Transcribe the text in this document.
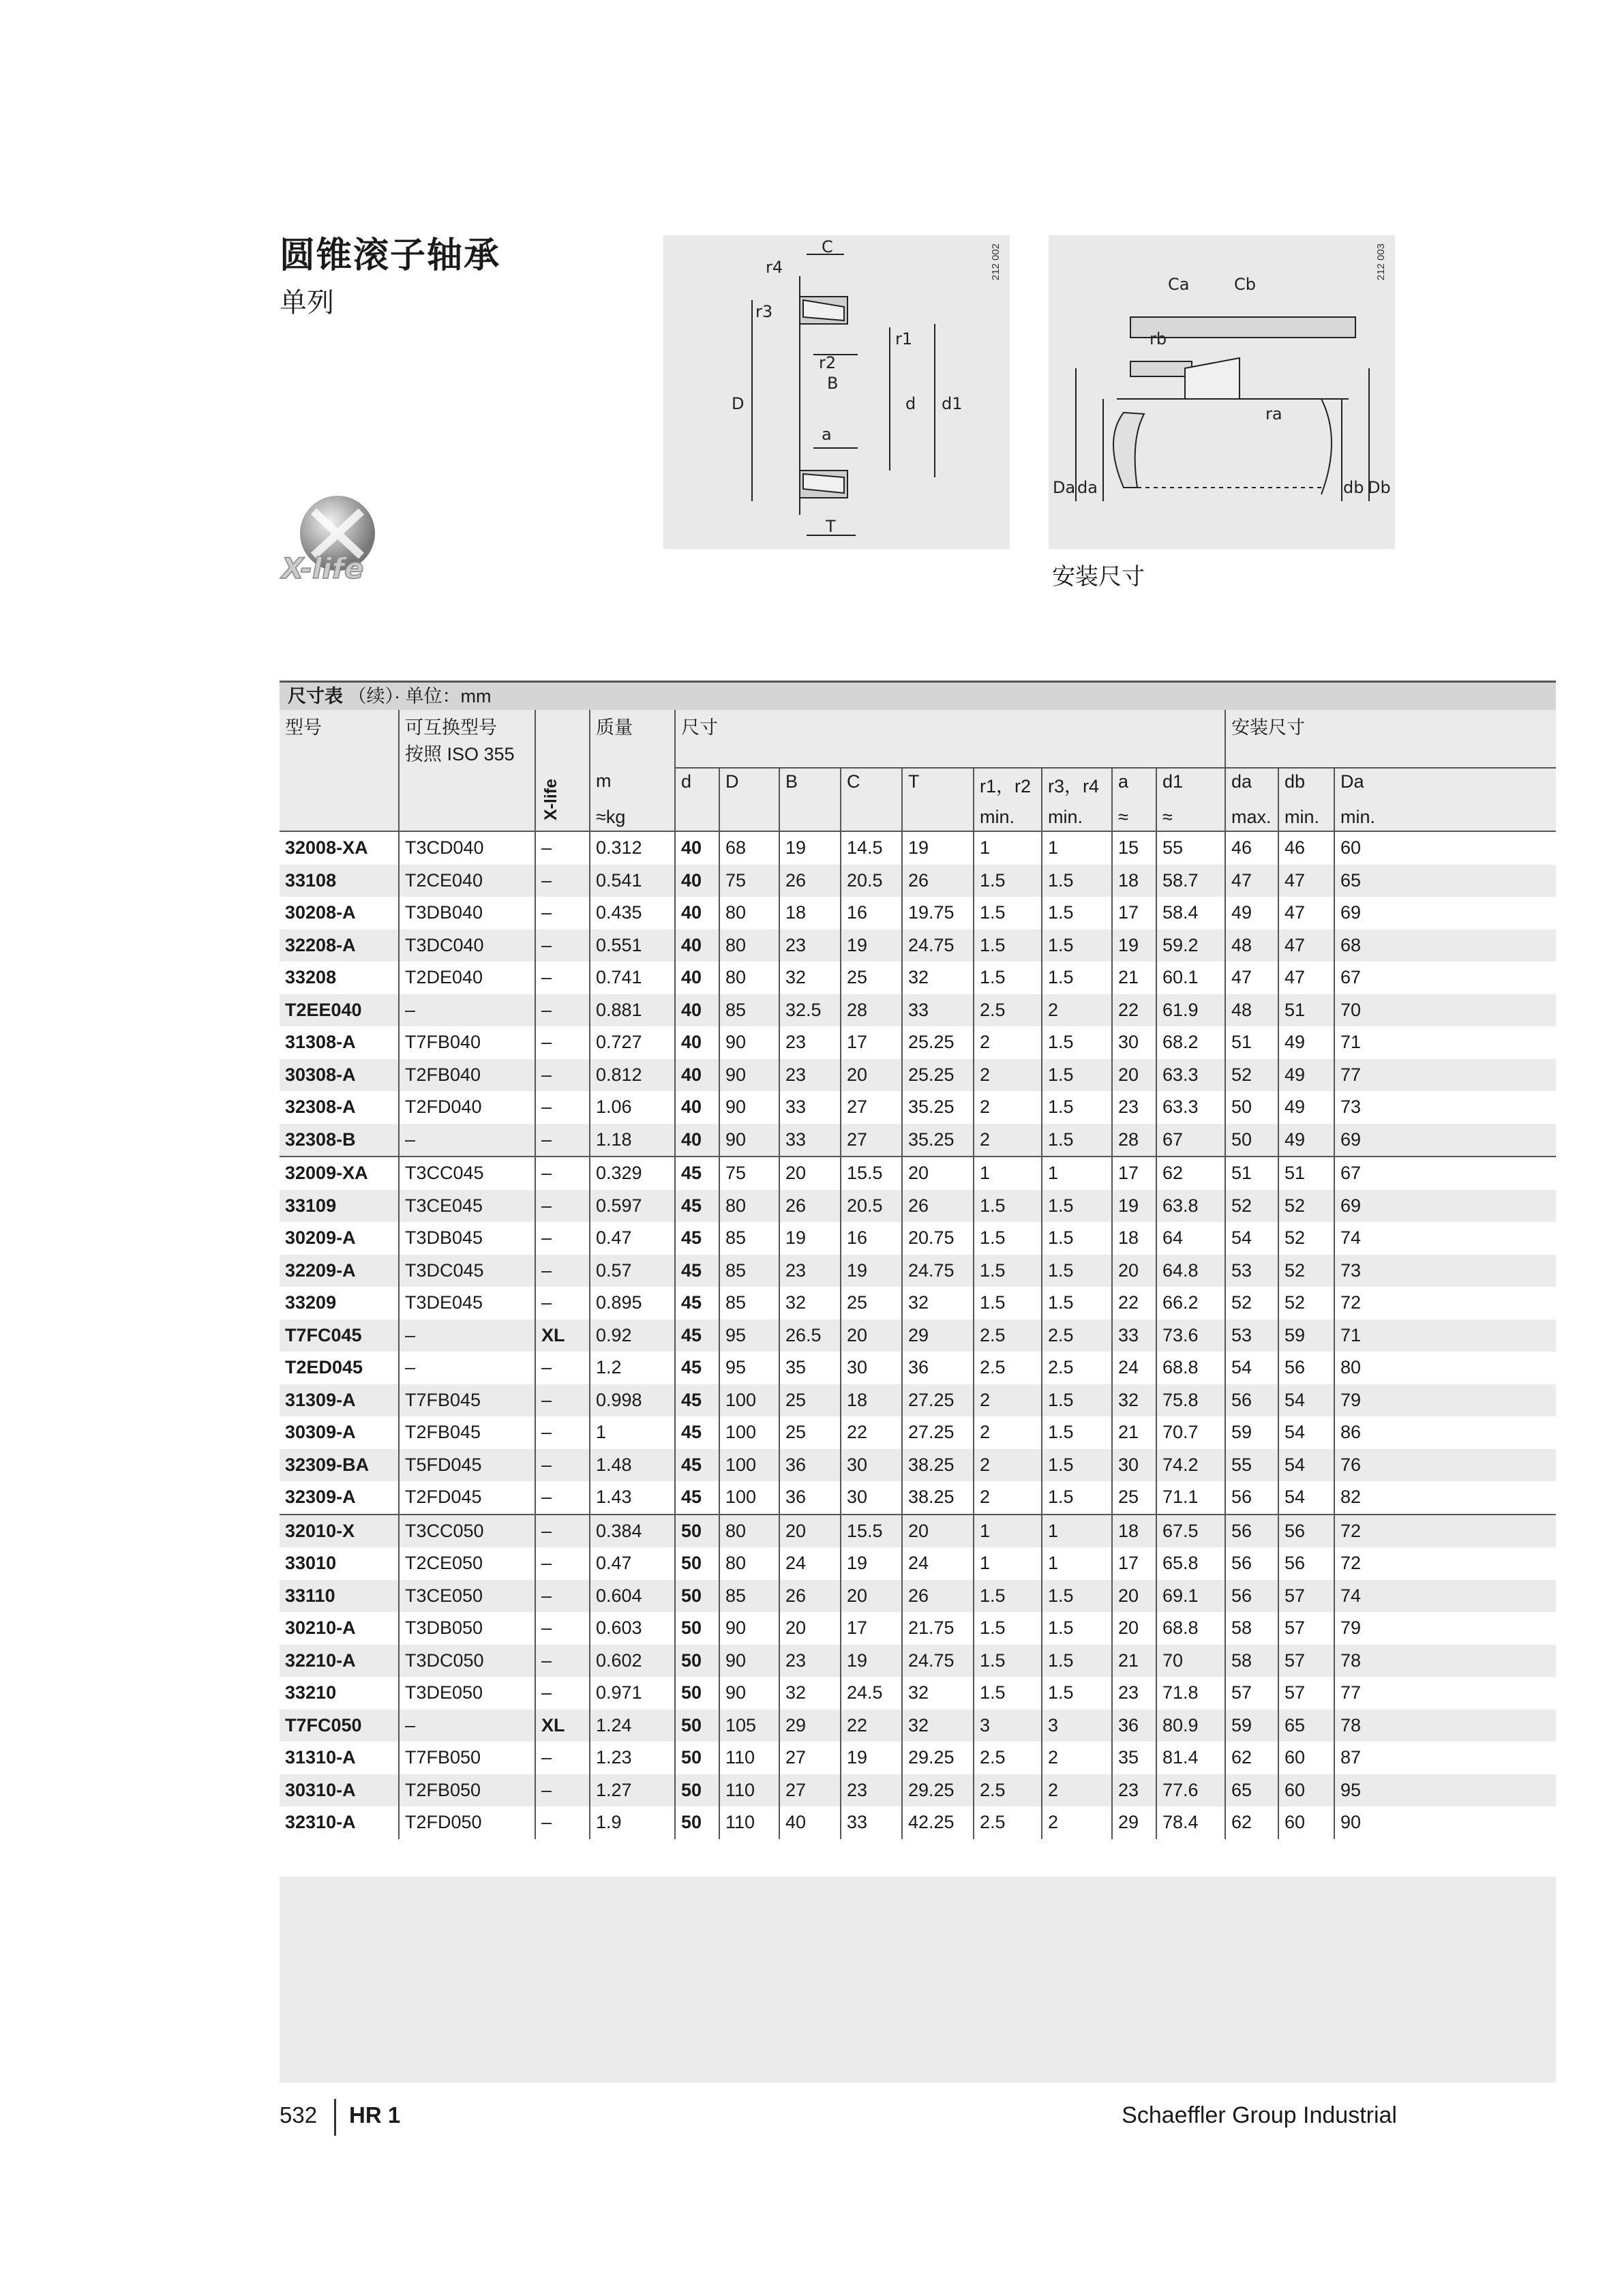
圆锥滚子轴承
单列
X-life
C
r4
r3
r1
r2
B
D	d d1
a
T
212 002
Ca	Cb
rb
ra
Da da	db Db
212 003
安装尺寸
尺寸表 （续）· 单位：mm
型号	可互换型号
按照 ISO 355	X-life	质量	尺寸									安装尺寸		
			m	d	D	B	C	T	r1，r2	r3，r4	a	d1	da	db	Da
			≈kg						min.	min.	≈	≈	max.	min.	min.
32008-XA	T3CD040	–	0.312	40	68	19	14.5	19	1	1	15	55	46	46	60
33108	T2CE040	–	0.541	40	75	26	20.5	26	1.5	1.5	18	58.7	47	47	65
30208-A	T3DB040	–	0.435	40	80	18	16	19.75	1.5	1.5	17	58.4	49	47	69
32208-A	T3DC040	–	0.551	40	80	23	19	24.75	1.5	1.5	19	59.2	48	47	68
33208	T2DE040	–	0.741	40	80	32	25	32	1.5	1.5	21	60.1	47	47	67
T2EE040	–	–	0.881	40	85	32.5	28	33	2.5	2	22	61.9	48	51	70
31308-A	T7FB040	–	0.727	40	90	23	17	25.25	2	1.5	30	68.2	51	49	71
30308-A	T2FB040	–	0.812	40	90	23	20	25.25	2	1.5	20	63.3	52	49	77
32308-A	T2FD040	–	1.06	40	90	33	27	35.25	2	1.5	23	63.3	50	49	73
32308-B	–	–	1.18	40	90	33	27	35.25	2	1.5	28	67	50	49	69
32009-XA	T3CC045	–	0.329	45	75	20	15.5	20	1	1	17	62	51	51	67
33109	T3CE045	–	0.597	45	80	26	20.5	26	1.5	1.5	19	63.8	52	52	69
30209-A	T3DB045	–	0.47	45	85	19	16	20.75	1.5	1.5	18	64	54	52	74
32209-A	T3DC045	–	0.57	45	85	23	19	24.75	1.5	1.5	20	64.8	53	52	73
33209	T3DE045	–	0.895	45	85	32	25	32	1.5	1.5	22	66.2	52	52	72
T7FC045	–	XL	0.92	45	95	26.5	20	29	2.5	2.5	33	73.6	53	59	71
T2ED045	–	–	1.2	45	95	35	30	36	2.5	2.5	24	68.8	54	56	80
31309-A	T7FB045	–	0.998	45	100	25	18	27.25	2	1.5	32	75.8	56	54	79
30309-A	T2FB045	–	1	45	100	25	22	27.25	2	1.5	21	70.7	59	54	86
32309-BA	T5FD045	–	1.48	45	100	36	30	38.25	2	1.5	30	74.2	55	54	76
32309-A	T2FD045	–	1.43	45	100	36	30	38.25	2	1.5	25	71.1	56	54	82
32010-X	T3CC050	–	0.384	50	80	20	15.5	20	1	1	18	67.5	56	56	72
33010	T2CE050	–	0.47	50	80	24	19	24	1	1	17	65.8	56	56	72
33110	T3CE050	–	0.604	50	85	26	20	26	1.5	1.5	20	69.1	56	57	74
30210-A	T3DB050	–	0.603	50	90	20	17	21.75	1.5	1.5	20	68.8	58	57	79
32210-A	T3DC050	–	0.602	50	90	23	19	24.75	1.5	1.5	21	70	58	57	78
33210	T3DE050	–	0.971	50	90	32	24.5	32	1.5	1.5	23	71.8	57	57	77
T7FC050	–	XL	1.24	50	105	29	22	32	3	3	36	80.9	59	65	78
31310-A	T7FB050	–	1.23	50	110	27	19	29.25	2.5	2	35	81.4	62	60	87
30310-A	T2FB050	–	1.27	50	110	27	23	29.25	2.5	2	23	77.6	65	60	95
32310-A	T2FD050	–	1.9	50	110	40	33	42.25	2.5	2	29	78.4	62	60	90
532 HR 1	Schaeffler Group Industrial
